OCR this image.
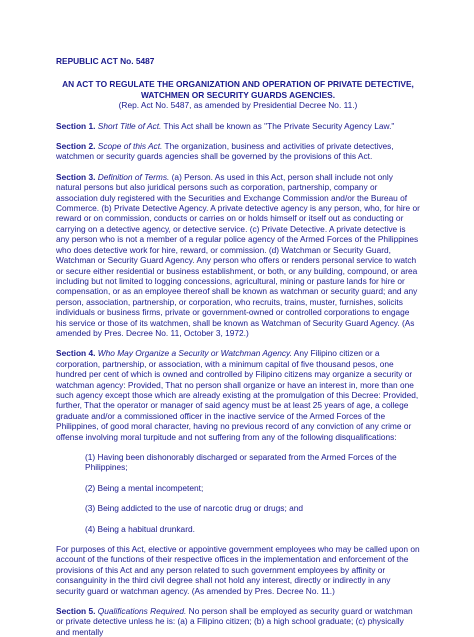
REPUBLIC ACT No. 5487

AN ACT TO REGULATE THE ORGANIZATION AND OPERATION OF PRIVATE DETECTIVE,

WATCHMEN OR SECURITY GUARDS AGENCIES.

(Rep. Act No. 5487, as amended by Presidential Decree No. 11.)

Section 1. Short Title of Act. This Act shall be known as "The Private Security Agency Law."

Section 2. Scope of this Act. The organization, business and activities of private detectives, watchmen or security guards agencies shall be governed by the provisions of this Act.

Section 3. Definition of Terms. (a) Person. As used in this Act, person shall include not only natural persons but also juridical persons such as corporation, partnership, company or association duly registered with the Securities and Exchange Commission and/or the Bureau of Commerce. (b) Private Detective Agency. A private detective agency is any person, who, for hire or reward or on commission, conducts or carries on or holds himself or itself out as conducting or carrying on a detective agency, or detective service. (c) Private Detective. A private detective is any person who is not a member of a regular police agency of the Armed Forces of the Philippines who does detective work for hire, reward, or commission. (d) Watchman or Security Guard, Watchman or Security Guard Agency. Any person who offers or renders personal service to watch or secure either residential or business establishment, or both, or any building, compound, or area including but not limited to logging concessions, agricultural, mining or pasture lands for hire or compensation, or as an employee thereof shall be known as watchman or security guard; and any person, association, partnership, or corporation, who recruits, trains, muster, furnishes, solicits individuals or business firms, private or government-owned or controlled corporations to engage his service or those of its watchmen, shall be known as Watchman of Security Guard Agency. (As amended by Pres. Decree No. 11, October 3, 1972.)

Section 4. Who May Organize a Security or Watchman Agency. Any Filipino citizen or a corporation, partnership, or association, with a minimum capital of five thousand pesos, one hundred per cent of which is owned and controlled by Filipino citizens may organize a security or watchman agency: Provided, That no person shall organize or have an interest in, more than one such agency except those which are already existing at the promulgation of this Decree: Provided, further, That the operator or manager of said agency must be at least 25 years of age, a college graduate and/or a commissioned officer in the inactive service of the Armed Forces of the Philippines, of good moral character, having no previous record of any conviction of any crime or offense involving moral turpitude and not suffering from any of the following disqualifications:

(1) Having been dishonorably discharged or separated from the Armed Forces of the Philippines;
(2) Being a mental incompetent;
(3) Being addicted to the use of narcotic drug or drugs; and
(4) Being a habitual drunkard.

For purposes of this Act, elective or appointive government employees who may be called upon on account of the functions of their respective offices in the implementation and enforcement of the provisions of this Act and any person related to such government employees by affinity or consanguinity in the third civil degree shall not hold any interest, directly or indirectly in any security guard or watchman agency. (As amended by Pres. Decree No. 11.)

Section 5. Qualifications Required. No person shall be employed as security guard or watchman or private detective unless he is: (a) a Filipino citizen; (b) a high school graduate; (c) physically and mentally
